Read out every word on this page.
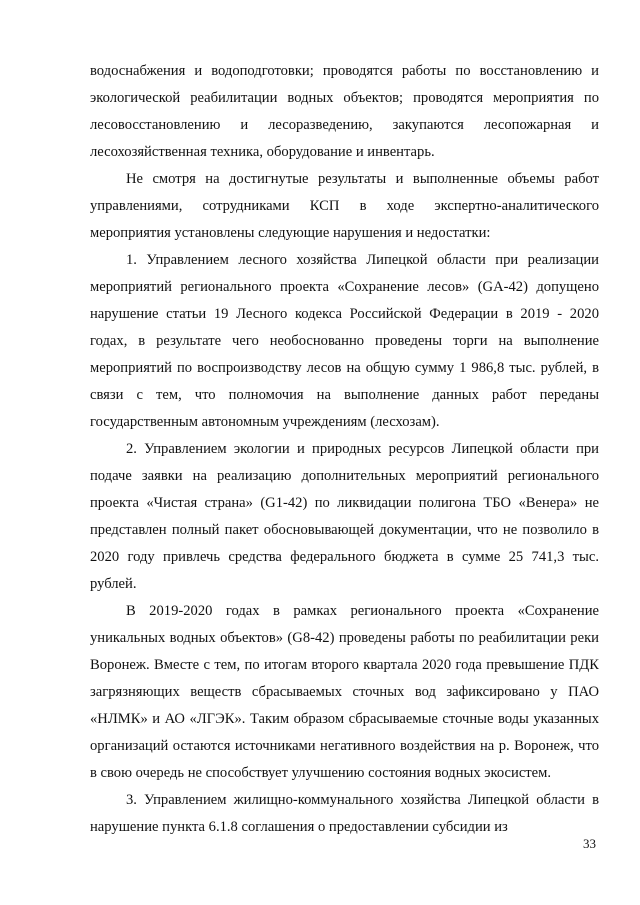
водоснабжения и водоподготовки; проводятся работы по восстановлению и экологической реабилитации водных объектов; проводятся мероприятия по лесовосстановлению и лесоразведению, закупаются лесопожарная и лесохозяйственная техника, оборудование и инвентарь.

Не смотря на достигнутые результаты и выполненные объемы работ управлениями, сотрудниками КСП в ходе экспертно-аналитического мероприятия установлены следующие нарушения и недостатки:

1. Управлением лесного хозяйства Липецкой области при реализации мероприятий регионального проекта «Сохранение лесов» (GA-42) допущено нарушение статьи 19 Лесного кодекса Российской Федерации в 2019 - 2020 годах, в результате чего необоснованно проведены торги на выполнение мероприятий по воспроизводству лесов на общую сумму 1 986,8 тыс. рублей, в связи с тем, что полномочия на выполнение данных работ переданы государственным автономным учреждениям (лесхозам).

2. Управлением экологии и природных ресурсов Липецкой области при подаче заявки на реализацию дополнительных мероприятий регионального проекта «Чистая страна» (G1-42) по ликвидации полигона ТБО «Венера» не представлен полный пакет обосновывающей документации, что не позволило в 2020 году привлечь средства федерального бюджета в сумме 25 741,3 тыс. рублей.

В 2019-2020 годах в рамках регионального проекта «Сохранение уникальных водных объектов» (G8-42) проведены работы по реабилитации реки Воронеж. Вместе с тем, по итогам второго квартала 2020 года превышение ПДК загрязняющих веществ сбрасываемых сточных вод зафиксировано у ПАО «НЛМК» и АО «ЛГЭК». Таким образом сбрасываемые сточные воды указанных организаций остаются источниками негативного воздействия на р. Воронеж, что в свою очередь не способствует улучшению состояния водных экосистем.

3. Управлением жилищно-коммунального хозяйства Липецкой области в нарушение пункта 6.1.8 соглашения о предоставлении субсидии из

33
